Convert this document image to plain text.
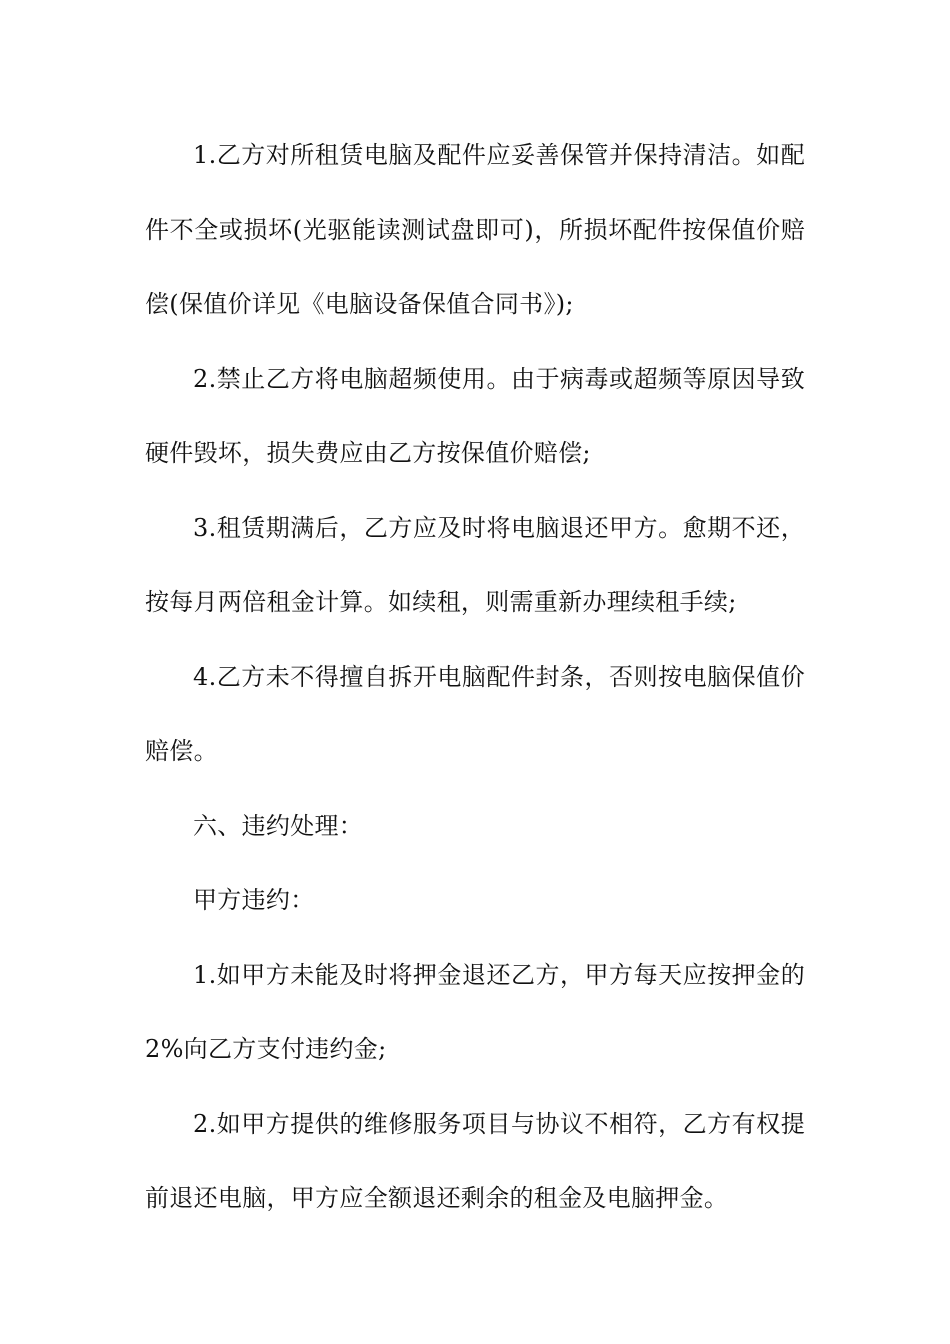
1.乙方对所租赁电脑及配件应妥善保管并保持清洁。如配件不全或损坏(光驱能读测试盘即可)，所损坏配件按保值价赔偿(保值价详见《电脑设备保值合同书》);

2.禁止乙方将电脑超频使用。由于病毒或超频等原因导致硬件毁坏，损失费应由乙方按保值价赔偿;

3.租赁期满后，乙方应及时将电脑退还甲方。愈期不还，按每月两倍租金计算。如续租，则需重新办理续租手续;

4.乙方未不得擅自拆开电脑配件封条，否则按电脑保值价赔偿。

六、违约处理：

甲方违约：

1.如甲方未能及时将押金退还乙方，甲方每天应按押金的2%向乙方支付违约金;

2.如甲方提供的维修服务项目与协议不相符，乙方有权提前退还电脑，甲方应全额退还剩余的租金及电脑押金。
